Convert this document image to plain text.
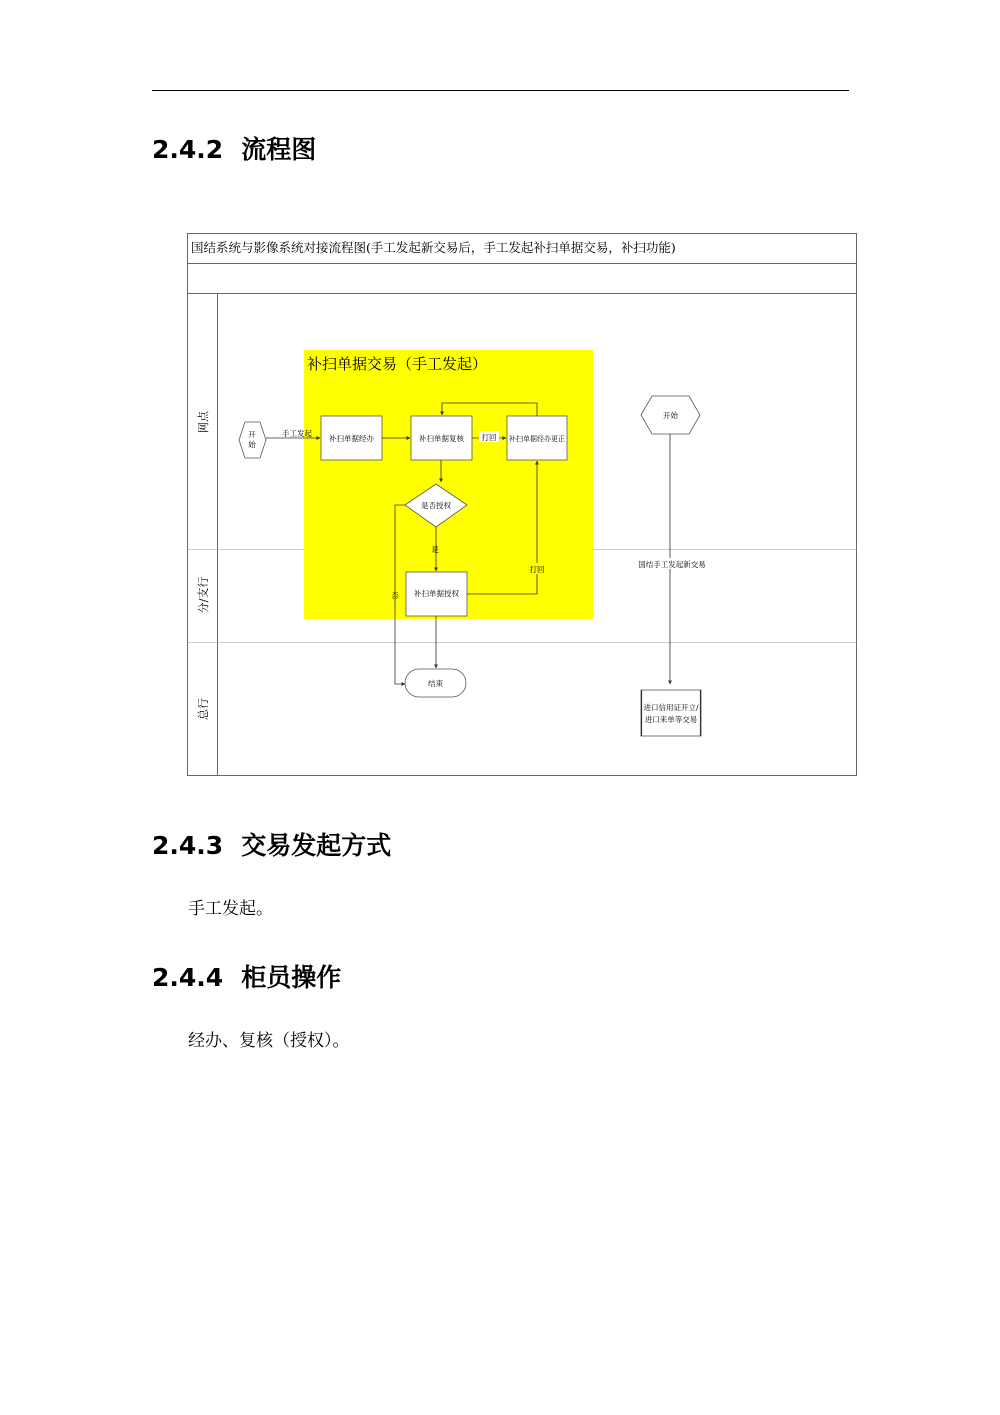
2.4.2 流程图
国结系统与影像系统对接流程图(手工发起新交易后，手工发起补扫单据交易，补扫功能)
网点
分/支行
总行
补扫单据交易（手工发起）
开
始
手工发起
补扫单据经办	补扫单据复核 打回 补扫单据经办更正
是否授权
是
补扫单据授权
打回
否
结束
开始
国结手工发起新交易
进口信用证开立/
进口来单等交易
2.4.3 交易发起方式
手工发起。
2.4.4 柜员操作
经办、复核（授权）。
